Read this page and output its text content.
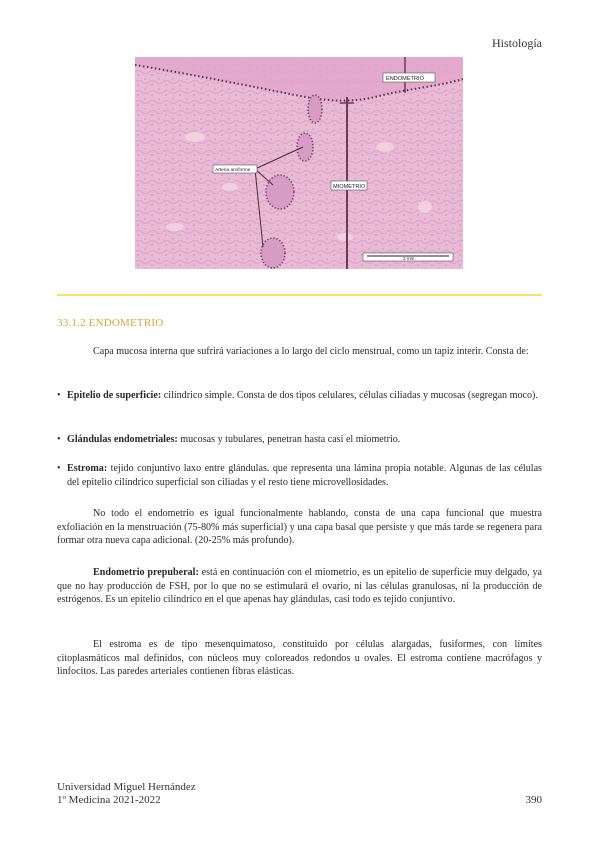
Histología
ENDOMETRIO
MIOMETRIO
Arteria arciforme
2 mm
33.1.2 ENDOMETRIO
Capa mucosa interna que sufrirá variaciones a lo largo del ciclo menstrual, como un tapiz interir. Consta de:
• Epitelio de superficie: cilíndrico simple. Consta de dos tipos celulares, células ciliadas y mucosas (segregan moco).
• Glándulas endometriales: mucosas y tubulares, penetran hasta casi el miometrio.
• Estroma: tejido conjuntivo laxo entre glándulas. que representa una lámina propia notable. Algunas de las células del epitelio cilíndrico superficial son ciliadas y el resto tiene microvellosidades.
No todo el endometrio es igual funcionalmente hablando, consta de una capa funcional que muestra exfoliación en la menstruación (75-80% más superficial) y una capa basal que persiste y que más tarde se regenera para formar otra nueva capa adicional. (20-25% más profundo).
Endometrio prepuberal: está en continuación con el miometrio, es un epitelio de superficie muy delgado, ya que no hay producción de FSH, por lo que no se estimulará el ovario, ni las células granulosas, ni la producción de estrógenos. Es un epitelio cilíndrico en el que apenas hay glándulas, casi todo es tejido conjuntivo.
El estroma es de tipo mesenquimatoso, constituido por células alargadas, fusiformes, con límites citoplasmáticos mal definidos, con núcleos muy coloreados redondos u ovales. El estroma contiene macrófagos y linfocitos. Las paredes arteriales contienen fibras elásticas.
Universidad Miguel Hernández
1º Medicina 2021-2022	390
